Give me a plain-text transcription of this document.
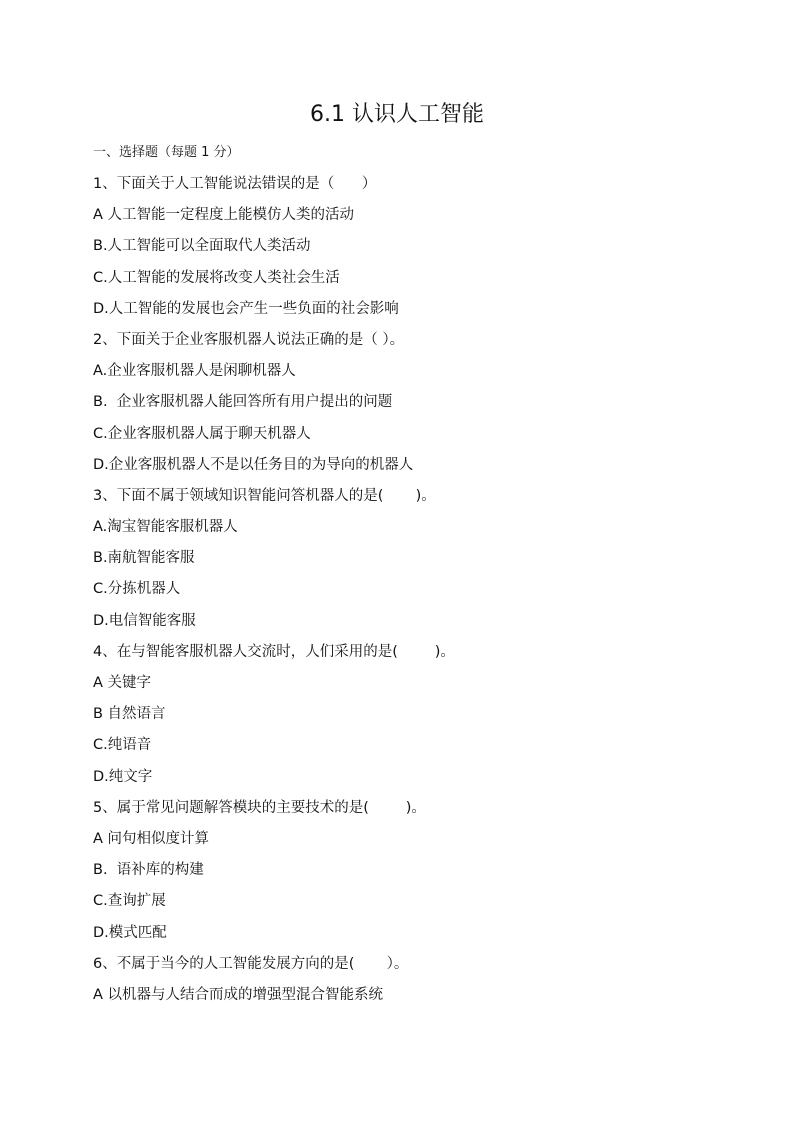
6.1 认识人工智能
一、选择题（每题 1 分）
1、下面关于人工智能说法错误的是（      ）
A 人工智能一定程度上能模仿人类的活动
B.人工智能可以全面取代人类活动
C.人工智能的发展将改变人类社会生活
D.人工智能的发展也会产生一些负面的社会影响
2、下面关于企业客服机器人说法正确的是（ ）。
A.企业客服机器人是闲聊机器人
B.  企业客服机器人能回答所有用户提出的问题
C.企业客服机器人属于聊天机器人
D.企业客服机器人不是以任务目的为导向的机器人
3、下面不属于领域知识智能问答机器人的是(       )。
A.淘宝智能客服机器人
B.南航智能客服
C.分拣机器人
D.电信智能客服
4、在与智能客服机器人交流时，人们采用的是(        )。
A 关键字
B 自然语言
C.纯语音
D.纯文字
5、属于常见问题解答模块的主要技术的是(        )。
A 问句相似度计算
B.  语补库的构建
C.查询扩展
D.模式匹配
6、不属于当今的人工智能发展方向的是(       ）。
A 以机器与人结合而成的增强型混合智能系统
